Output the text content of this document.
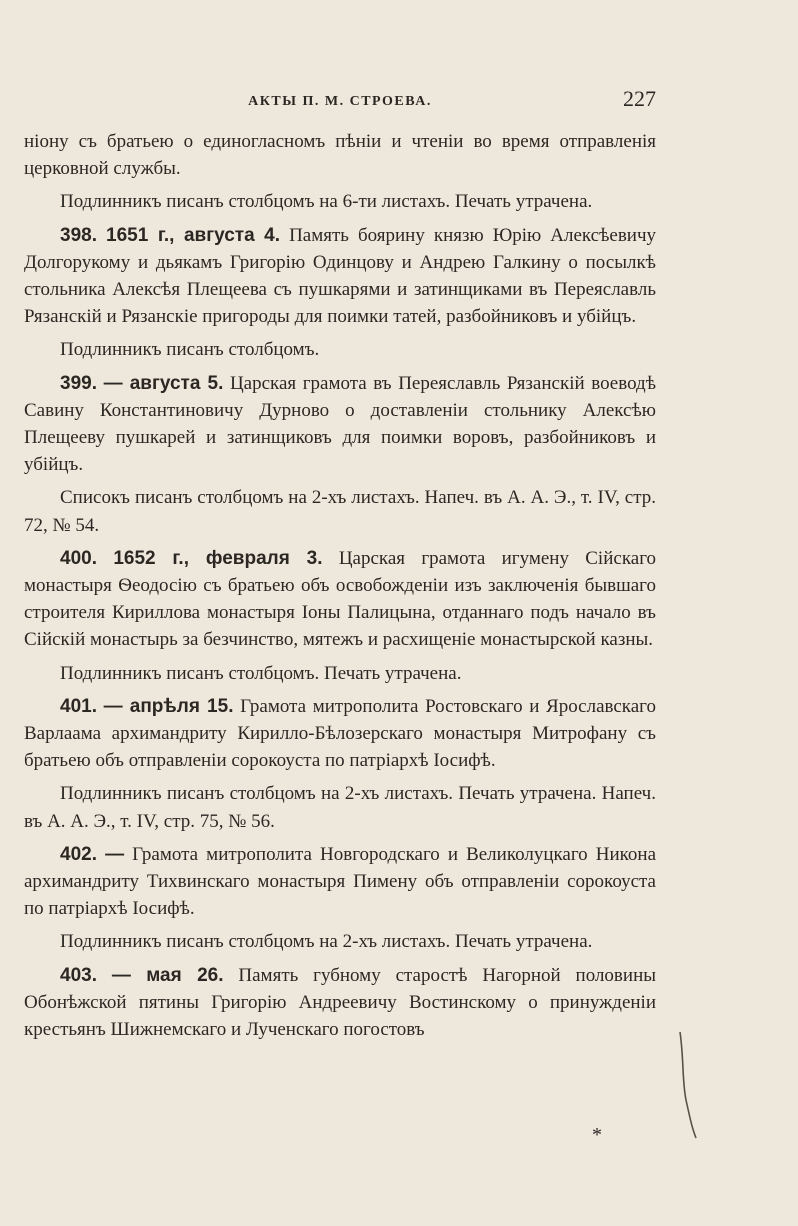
АКТЫ П. М. СТРОЕВА.	227

ніону съ братьею о единогласномъ пѣніи и чтеніи во время отправленія церковной службы.

Подлинникъ писанъ столбцомъ на 6-ти листахъ. Печать утрачена.

398. 1651 г., августа 4. Память боярину князю Юрію Алексѣевичу Долгорукому и дьякамъ Григорію Одинцову и Андрею Галкину о посылкѣ стольника Алексѣя Плещеева съ пушкарями и затинщиками въ Переяславль Рязанскій и Рязанскіе пригороды для поимки татей, разбойниковъ и убійцъ.

Подлинникъ писанъ столбцомъ.

399. — августа 5. Царская грамота въ Переяславль Рязанскій воеводѣ Савину Константиновичу Дурново о доставленіи стольнику Алексѣю Плещееву пушкарей и затинщиковъ для поимки воровъ, разбойниковъ и убійцъ.

Списокъ писанъ столбцомъ на 2-хъ листахъ. Напеч. въ А. А. Э., т. IV, стр. 72, № 54.

400. 1652 г., февраля 3. Царская грамота игумену Сійскаго монастыря Ѳеодосію съ братьею объ освобожденіи изъ заключенія бывшаго строителя Кириллова монастыря Іоны Палицына, отданнаго подъ начало въ Сійскій монастырь за безчинство, мятежъ и расхищеніе монастырской казны.

Подлинникъ писанъ столбцомъ. Печать утрачена.

401. — апрѣля 15. Грамота митрополита Ростовскаго и Ярославскаго Варлаама архимандриту Кирилло-Бѣлозерскаго монастыря Митрофану съ братьею объ отправленіи сорокоуста по патріархѣ Іосифѣ.

Подлинникъ писанъ столбцомъ на 2-хъ листахъ. Печать утрачена. Напеч. въ А. А. Э., т. IV, стр. 75, № 56.

402. — Грамота митрополита Новгородскаго и Великолуцкаго Никона архимандриту Тихвинскаго монастыря Пимену объ отправленіи сорокоуста по патріархѣ Іосифѣ.

Подлинникъ писанъ столбцомъ на 2-хъ листахъ. Печать утрачена.

403. — мая 26. Память губному старостѣ Нагорной половины Обонѣжской пятины Григорію Андреевичу Востинскому о принужденіи крестьянъ Шижнемскаго и Лученскаго погостовъ

*
